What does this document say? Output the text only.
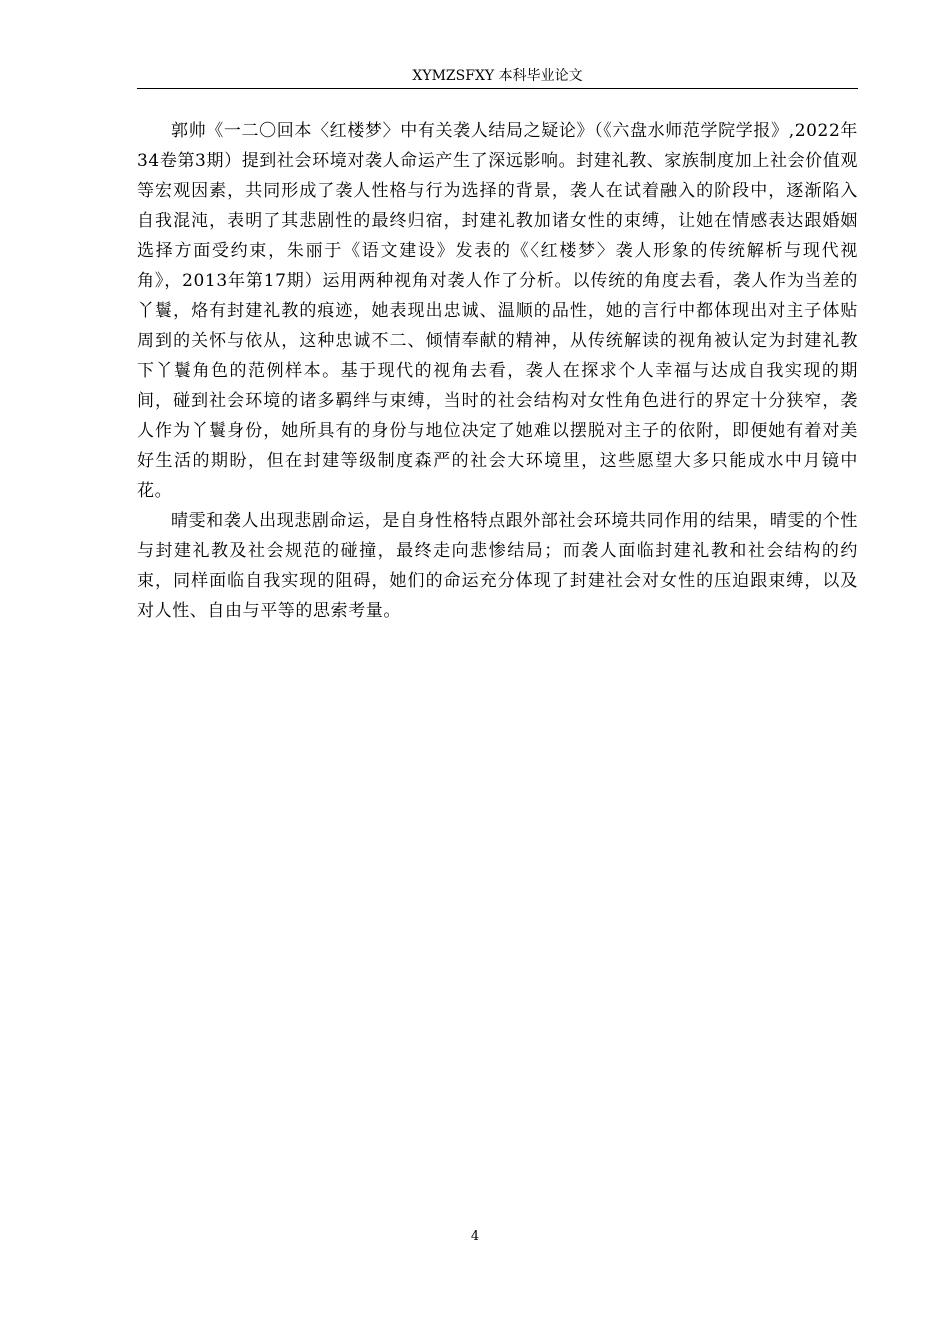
XYMZSFXY 本科毕业论文

郭帅《一二〇回本〈红楼梦〉中有关袭人结局之疑论》（《六盘水师范学院学报》,2022年34卷第3期）提到社会环境对袭人命运产生了深远影响。封建礼教、家族制度加上社会价值观等宏观因素，共同形成了袭人性格与行为选择的背景，袭人在试着融入的阶段中，逐渐陷入自我混沌，表明了其悲剧性的最终归宿，封建礼教加诸女性的束缚，让她在情感表达跟婚姻选择方面受约束，朱丽于《语文建设》发表的《〈红楼梦〉袭人形象的传统解析与现代视角》，2013年第17期）运用两种视角对袭人作了分析。以传统的角度去看，袭人作为当差的丫鬟，烙有封建礼教的痕迹，她表现出忠诚、温顺的品性，她的言行中都体现出对主子体贴周到的关怀与依从，这种忠诚不二、倾情奉献的精神，从传统解读的视角被认定为封建礼教下丫鬟角色的范例样本。基于现代的视角去看，袭人在探求个人幸福与达成自我实现的期间，碰到社会环境的诸多羁绊与束缚，当时的社会结构对女性角色进行的界定十分狭窄，袭人作为丫鬟身份，她所具有的身份与地位决定了她难以摆脱对主子的依附，即便她有着对美好生活的期盼，但在封建等级制度森严的社会大环境里，这些愿望大多只能成水中月镜中花。

晴雯和袭人出现悲剧命运，是自身性格特点跟外部社会环境共同作用的结果，晴雯的个性与封建礼教及社会规范的碰撞，最终走向悲惨结局；而袭人面临封建礼教和社会结构的约束，同样面临自我实现的阻碍，她们的命运充分体现了封建社会对女性的压迫跟束缚，以及对人性、自由与平等的思索考量。

4
